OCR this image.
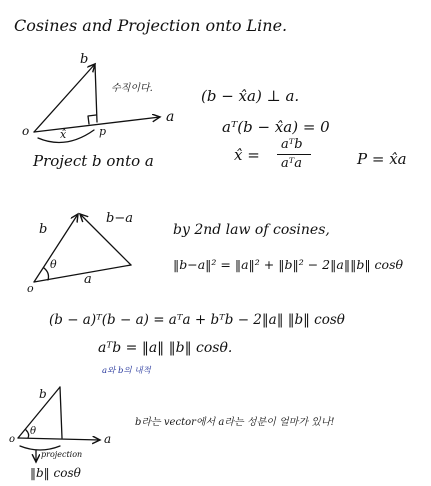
Cosines and Projection onto Line.
b
수직이다.
a
o	p
x̂
Project b onto a
(b − x̂a) ⊥ a.
aᵀ(b − x̂a) = 0
x̂ =
aᵀb
aᵀa	P = x̂a
b
b−a
θ
a
o
by 2nd law of cosines,
‖b−a‖² = ‖a‖² + ‖b‖² − 2‖a‖‖b‖ cosθ
(b − a)ᵀ(b − a) = aᵀa + bᵀb − 2‖a‖ ‖b‖ cosθ
aᵀb = ‖a‖ ‖b‖ cosθ.
a와 b의 내적
b
θ
a
o
projection
‖b‖ cosθ
b라는 vector에서 a라는 성분이 얼마가 있나!
